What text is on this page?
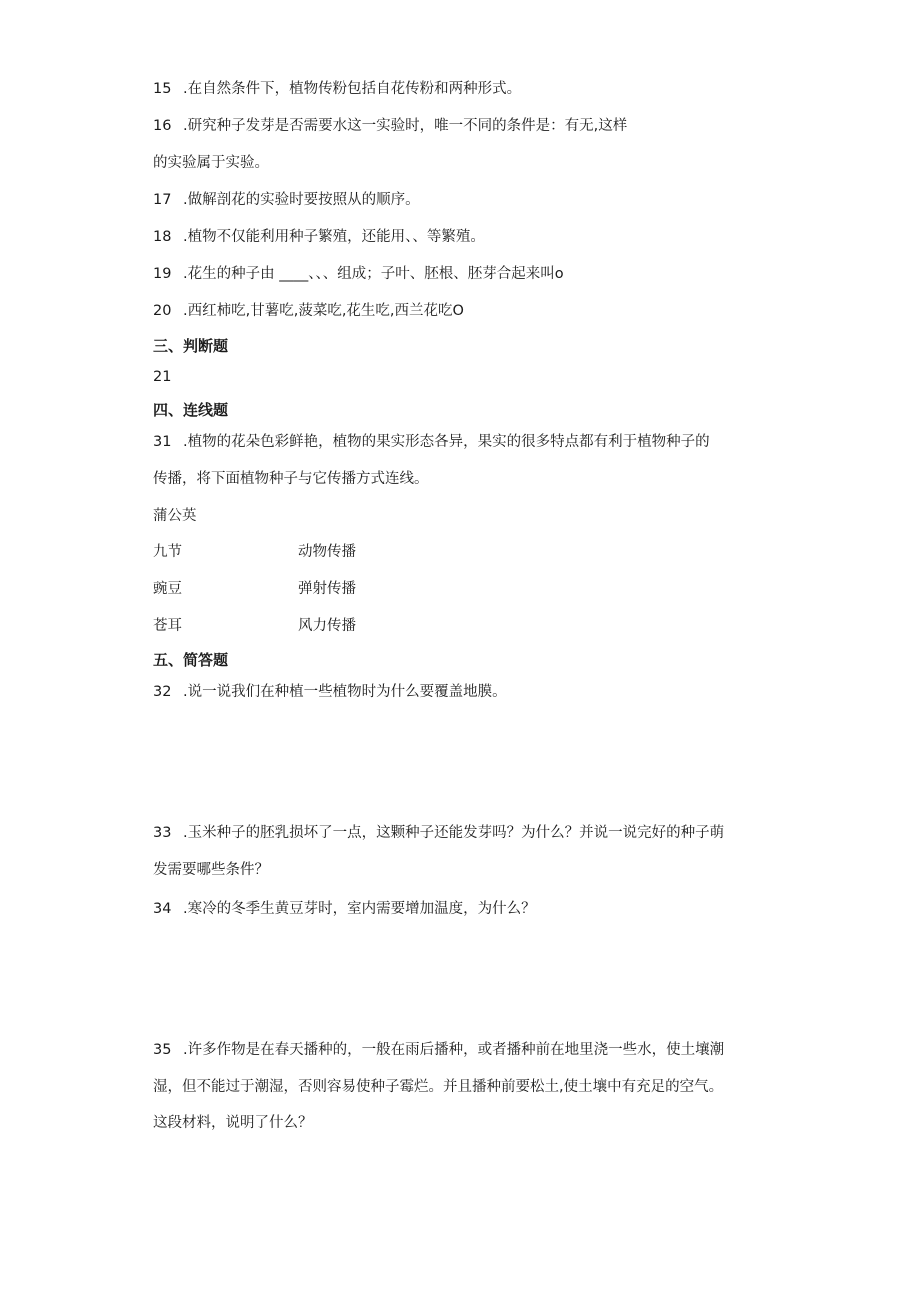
15 .在自然条件下，植物传粉包括自花传粉和两种形式。
16 .研究种子发芽是否需要水这一实验时，唯一不同的条件是：有无,这样
的实验属于实验。
17 .做解剖花的实验时要按照从的顺序。
18 .植物不仅能利用种子繁殖，还能用、、等繁殖。
19 .花生的种子由 ____、、、组成；子叶、胚根、胚芽合起来叫o
20 .西红柿吃,甘薯吃,菠菜吃,花生吃,西兰花吃O
三、判断题
21
四、连线题
31 .植物的花朵色彩鲜艳，植物的果实形态各异，果实的很多特点都有利于植物种子的
传播，将下面植物种子与它传播方式连线。
蒲公英
九节	动物传播
豌豆	弹射传播
苍耳	风力传播
五、简答题
32 .说一说我们在种植一些植物时为什么要覆盖地膜。
33 .玉米种子的胚乳损坏了一点，这颗种子还能发芽吗？为什么？并说一说完好的种子萌
发需要哪些条件？
34 .寒冷的冬季生黄豆芽时，室内需要增加温度，为什么？
35 .许多作物是在春天播种的，一般在雨后播种，或者播种前在地里浇一些水，使土壤潮
湿，但不能过于潮湿，否则容易使种子霉烂。并且播种前要松土,使土壤中有充足的空气。
这段材料，说明了什么？
